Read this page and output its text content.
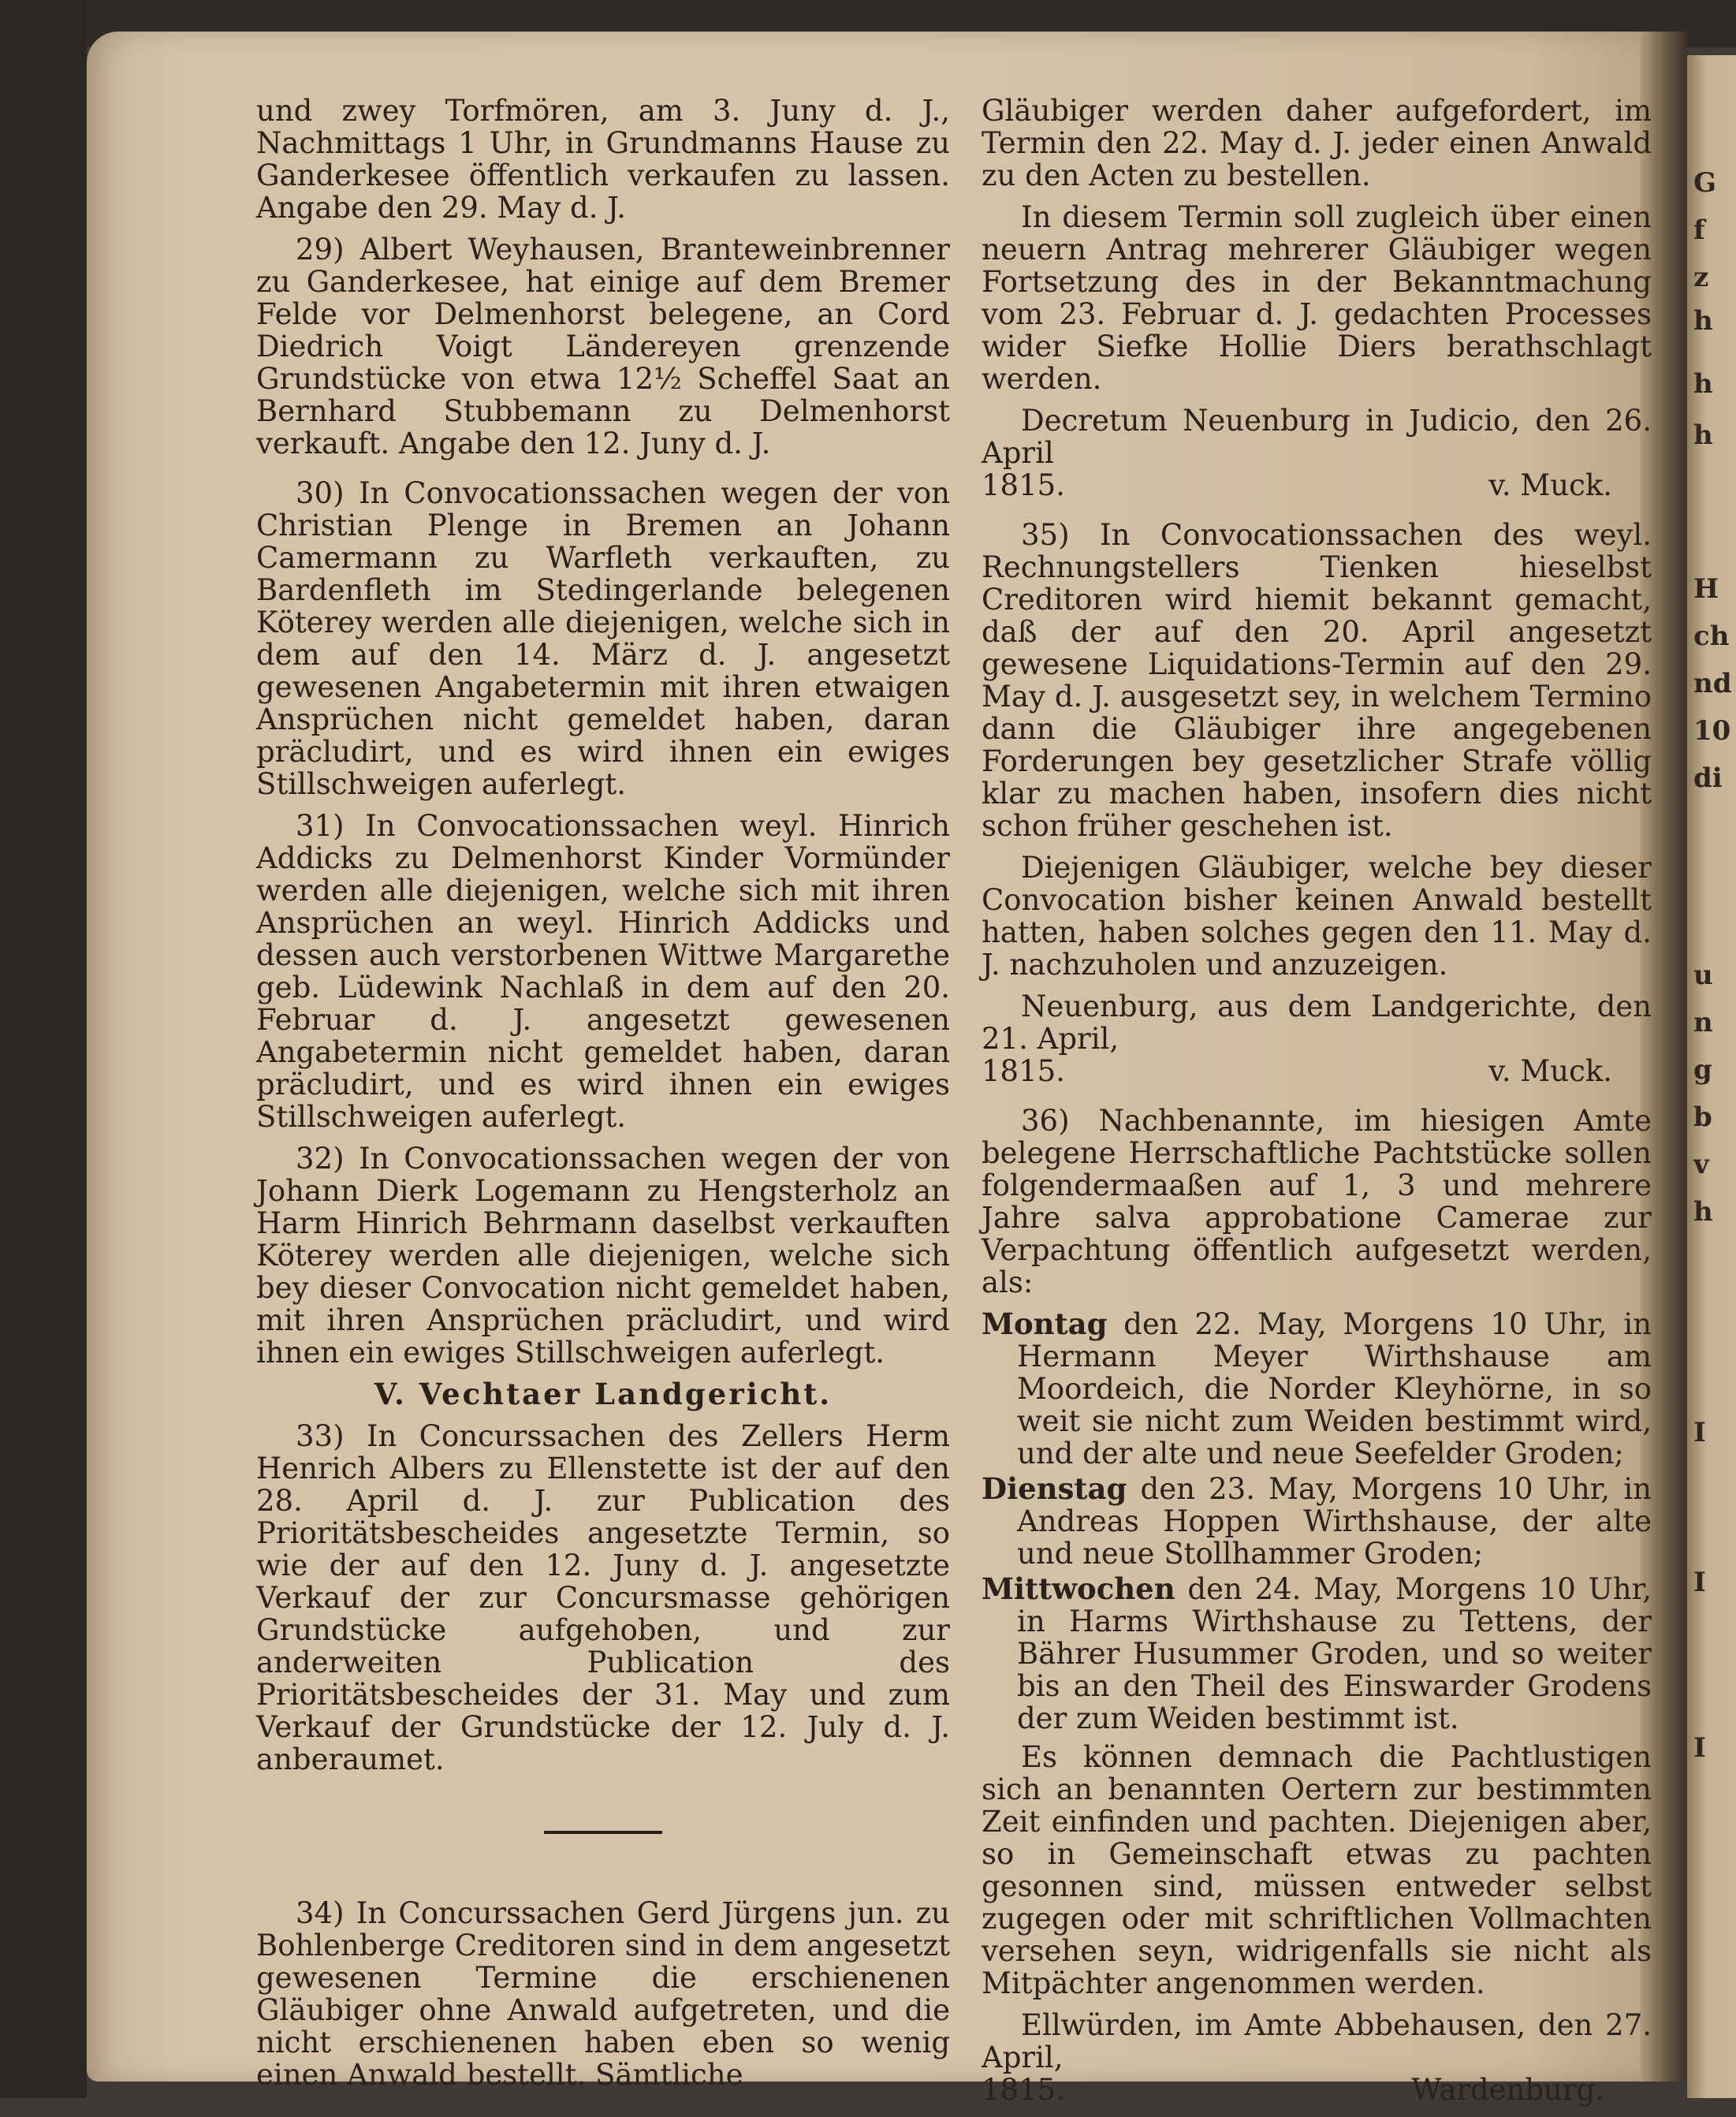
G
f
z
h
h
h
H
ch
nd
10
di
u
n
g
b
v
h
I
I
I

und zwey Torfmören, am 3. Juny d. J., Nachmittags 1 Uhr, in Grundmanns Hause zu Ganderkesee öffentlich verkaufen zu lassen. Angabe den 29. May d. J.

29) Albert Weyhausen, Branteweinbrenner zu Ganderkesee, hat einige auf dem Bremer Felde vor Delmenhorst belegene, an Cord Diedrich Voigt Ländereyen grenzende Grundstücke von etwa 12½ Scheffel Saat an Bernhard Stubbemann zu Delmenhorst verkauft. Angabe den 12. Juny d. J.

30) In Convocationssachen wegen der von Christian Plenge in Bremen an Johann Camermann zu Warfleth verkauften, zu Bardenfleth im Stedingerlande belegenen Köterey werden alle diejenigen, welche sich in dem auf den 14. März d. J. angesetzt gewesenen Angabetermin mit ihren etwaigen Ansprüchen nicht gemeldet haben, daran präcludirt, und es wird ihnen ein ewiges Stillschweigen auferlegt.

31) In Convocationssachen weyl. Hinrich Addicks zu Delmenhorst Kinder Vormünder werden alle diejenigen, welche sich mit ihren Ansprüchen an weyl. Hinrich Addicks und dessen auch verstorbenen Wittwe Margarethe geb. Lüdewink Nachlaß in dem auf den 20. Februar d. J. angesetzt gewesenen Angabetermin nicht gemeldet haben, daran präcludirt, und es wird ihnen ein ewiges Stillschweigen auferlegt.

32) In Convocationssachen wegen der von Johann Dierk Logemann zu Hengsterholz an Harm Hinrich Behrmann daselbst verkauften Köterey werden alle diejenigen, welche sich bey dieser Convocation nicht gemeldet haben, mit ihren Ansprüchen präcludirt, und wird ihnen ein ewiges Stillschweigen auferlegt.

V. Vechtaer Landgericht.

33) In Concurssachen des Zellers Herm Henrich Albers zu Ellenstette ist der auf den 28. April d. J. zur Publication des Prioritätsbescheides angesetzte Termin, so wie der auf den 12. Juny d. J. angesetzte Verkauf der zur Concursmasse gehörigen Grundstücke aufgehoben, und zur anderweiten Publication des Prioritätsbescheides der 31. May und zum Verkauf der Grundstücke der 12. July d. J. anberaumet.

34) In Concurssachen Gerd Jürgens jun. zu Bohlenberge Creditoren sind in dem angesetzt gewesenen Termine die erschienenen Gläubiger ohne Anwald aufgetreten, und die nicht erschienenen haben eben so wenig einen Anwald bestellt. Sämtliche

Gläubiger werden daher aufgefordert, im Termin den 22. May d. J. jeder einen Anwald zu den Acten zu bestellen.

In diesem Termin soll zugleich über einen neuern Antrag mehrerer Gläubiger wegen Fortsetzung des in der Bekanntmachung vom 23. Februar d. J. gedachten Processes wider Siefke Hollie Diers berathschlagt werden.

Decretum Neuenburg in Judicio, den 26. April

1815.	v. Muck.

35) In Convocationssachen des weyl. Rechnungstellers Tienken hieselbst Creditoren wird hiemit bekannt gemacht, daß der auf den 20. April angesetzt gewesene Liquidations-Termin auf den 29. May d. J. ausgesetzt sey, in welchem Termino dann die Gläubiger ihre angegebenen Forderungen bey gesetzlicher Strafe völlig klar zu machen haben, insofern dies nicht schon früher geschehen ist.

Diejenigen Gläubiger, welche bey dieser Convocation bisher keinen Anwald bestellt hatten, haben solches gegen den 11. May d. J. nachzuholen und anzuzeigen.

Neuenburg, aus dem Landgerichte, den 21. April,

1815.	v. Muck.

36) Nachbenannte, im hiesigen Amte belegene Herrschaftliche Pachtstücke sollen folgendermaaßen auf 1, 3 und mehrere Jahre salva approbatione Camerae zur Verpachtung öffentlich aufgesetzt werden, als:

Montag den 22. May, Morgens 10 Uhr, in Hermann Meyer Wirthshause am Moordeich, die Norder Kleyhörne, in so weit sie nicht zum Weiden bestimmt wird, und der alte und neue Seefelder Groden;
Dienstag den 23. May, Morgens 10 Uhr, in Andreas Hoppen Wirthshause, der alte und neue Stollhammer Groden;
Mittwochen den 24. May, Morgens 10 Uhr, in Harms Wirthshause zu Tettens, der Bährer Husummer Groden, und so weiter bis an den Theil des Einswarder Grodens der zum Weiden bestimmt ist.

Es können demnach die Pachtlustigen sich an benannten Oertern zur bestimmten Zeit einfinden und pachten. Diejenigen aber, so in Gemeinschaft etwas zu pachten gesonnen sind, müssen entweder selbst zugegen oder mit schriftlichen Vollmachten versehen seyn, widrigenfalls sie nicht als Mitpächter angenommen werden.

Ellwürden, im Amte Abbehausen, den 27. April,

1815.	Wardenburg.
